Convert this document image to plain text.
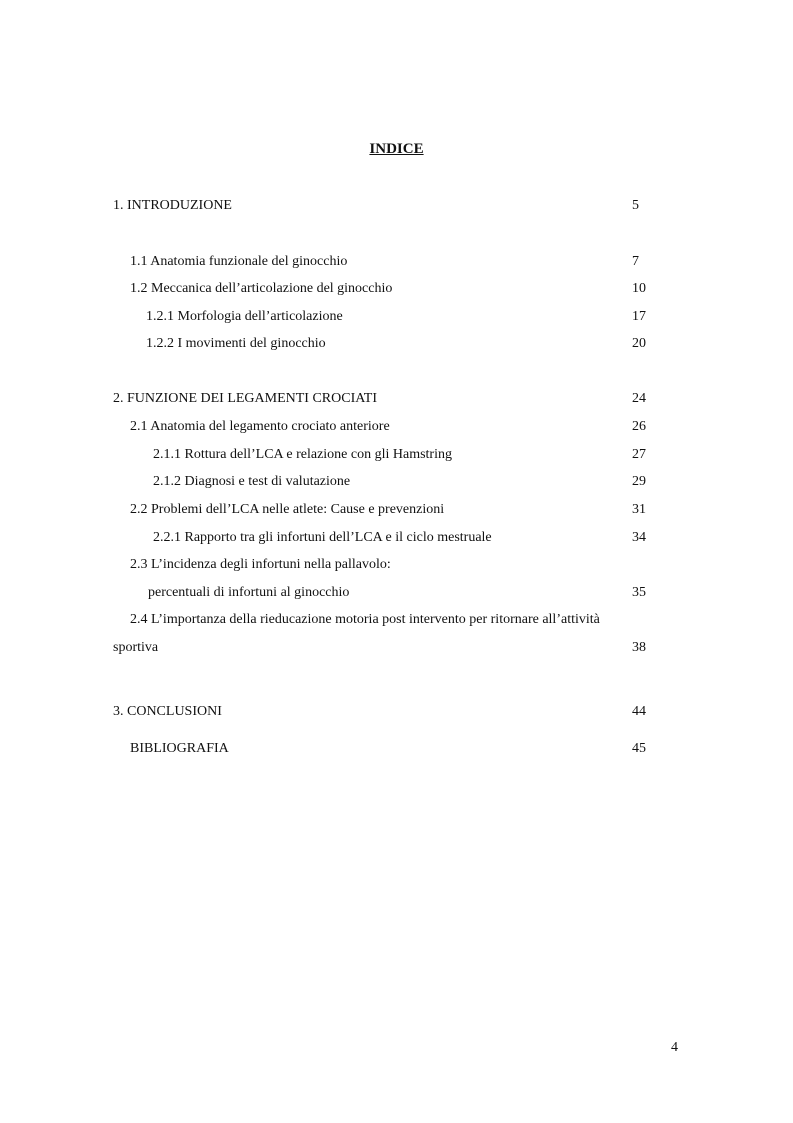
INDICE
1. INTRODUZIONE	5
1.1 Anatomia funzionale del ginocchio	7
1.2 Meccanica dell’articolazione del ginocchio	10
1.2.1 Morfologia dell’articolazione	17
1.2.2 I movimenti del ginocchio	20
2. FUNZIONE DEI LEGAMENTI CROCIATI	24
2.1 Anatomia del legamento crociato anteriore	26
2.1.1 Rottura dell’LCA e relazione con gli Hamstring	27
2.1.2 Diagnosi e test di valutazione	29
2.2 Problemi dell’LCA nelle atlete: Cause e prevenzioni	31
2.2.1 Rapporto tra gli infortuni dell’LCA e il ciclo mestruale	34
2.3 L’incidenza degli infortuni nella pallavolo:
percentuali di infortuni al ginocchio	35
2.4 L’importanza della rieducazione motoria post intervento per ritornare all’attività
sportiva	38
3. CONCLUSIONI	44
BIBLIOGRAFIA	45
4
